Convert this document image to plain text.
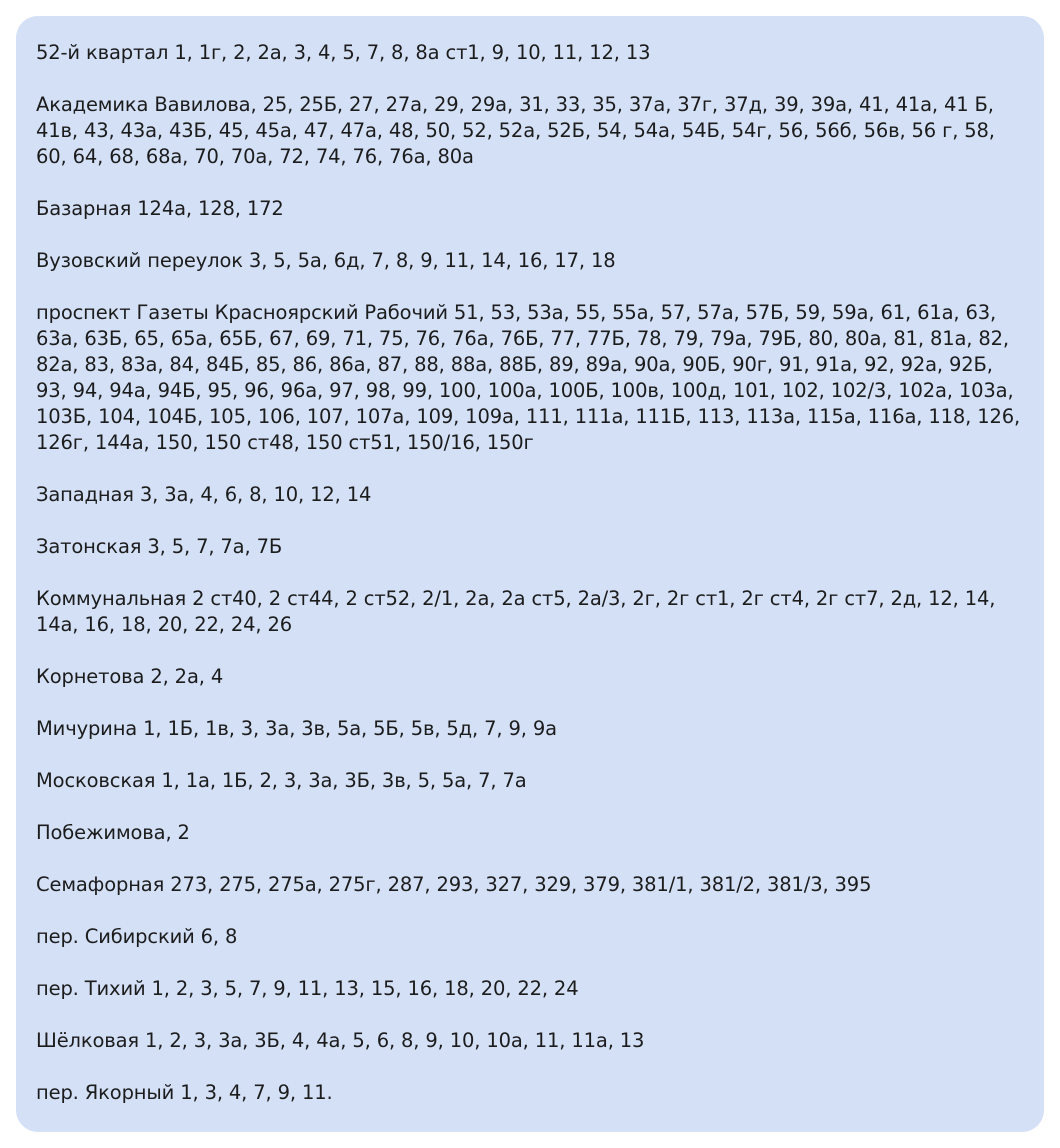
52-й квартал 1, 1г, 2, 2а, 3, 4, 5, 7, 8, 8а ст1, 9, 10, 11, 12, 13

Академика Вавилова, 25, 25Б, 27, 27а, 29, 29а, 31, 33, 35, 37а, 37г, 37д, 39, 39а, 41, 41а, 41 Б, 41в, 43, 43а, 43Б, 45, 45а, 47, 47а, 48, 50, 52, 52а, 52Б, 54, 54а, 54Б, 54г, 56, 56б, 56в, 56 г, 58, 60, 64, 68, 68а, 70, 70а, 72, 74, 76, 76а, 80а

Базарная 124а, 128, 172

Вузовский переулок 3, 5, 5а, 6д, 7, 8, 9, 11, 14, 16, 17, 18

проспект Газеты Красноярский Рабочий 51, 53, 53а, 55, 55а, 57, 57а, 57Б, 59, 59а, 61, 61а, 63, 63а, 63Б, 65, 65а, 65Б, 67, 69, 71, 75, 76, 76а, 76Б, 77, 77Б, 78, 79, 79а, 79Б, 80, 80а, 81, 81а, 82, 82а, 83, 83а, 84, 84Б, 85, 86, 86а, 87, 88, 88а, 88Б, 89, 89а, 90а, 90Б, 90г, 91, 91а, 92, 92а, 92Б, 93, 94, 94а, 94Б, 95, 96, 96а, 97, 98, 99, 100, 100а, 100Б, 100в, 100д, 101, 102, 102/3, 102а, 103а, 103Б, 104, 104Б, 105, 106, 107, 107а, 109, 109а, 111, 111а, 111Б, 113, 113а, 115а, 116а, 118, 126, 126г, 144а, 150, 150 ст48, 150 ст51, 150/16, 150г

Западная 3, 3а, 4, 6, 8, 10, 12, 14

Затонская 3, 5, 7, 7а, 7Б

Коммунальная 2 ст40, 2 ст44, 2 ст52, 2/1, 2а, 2а ст5, 2а/3, 2г, 2г ст1, 2г ст4, 2г ст7, 2д, 12, 14, 14а, 16, 18, 20, 22, 24, 26

Корнетова 2, 2а, 4

Мичурина 1, 1Б, 1в, 3, 3а, 3в, 5а, 5Б, 5в, 5д, 7, 9, 9а

Московская 1, 1а, 1Б, 2, 3, 3а, 3Б, 3в, 5, 5а, 7, 7а

Побежимова, 2

Семафорная 273, 275, 275а, 275г, 287, 293, 327, 329, 379, 381/1, 381/2, 381/3, 395

пер. Сибирский 6, 8

пер. Тихий 1, 2, 3, 5, 7, 9, 11, 13, 15, 16, 18, 20, 22, 24

Шёлковая 1, 2, 3, 3а, 3Б, 4, 4а, 5, 6, 8, 9, 10, 10а, 11, 11а, 13

пер. Якорный 1, 3, 4, 7, 9, 11.
